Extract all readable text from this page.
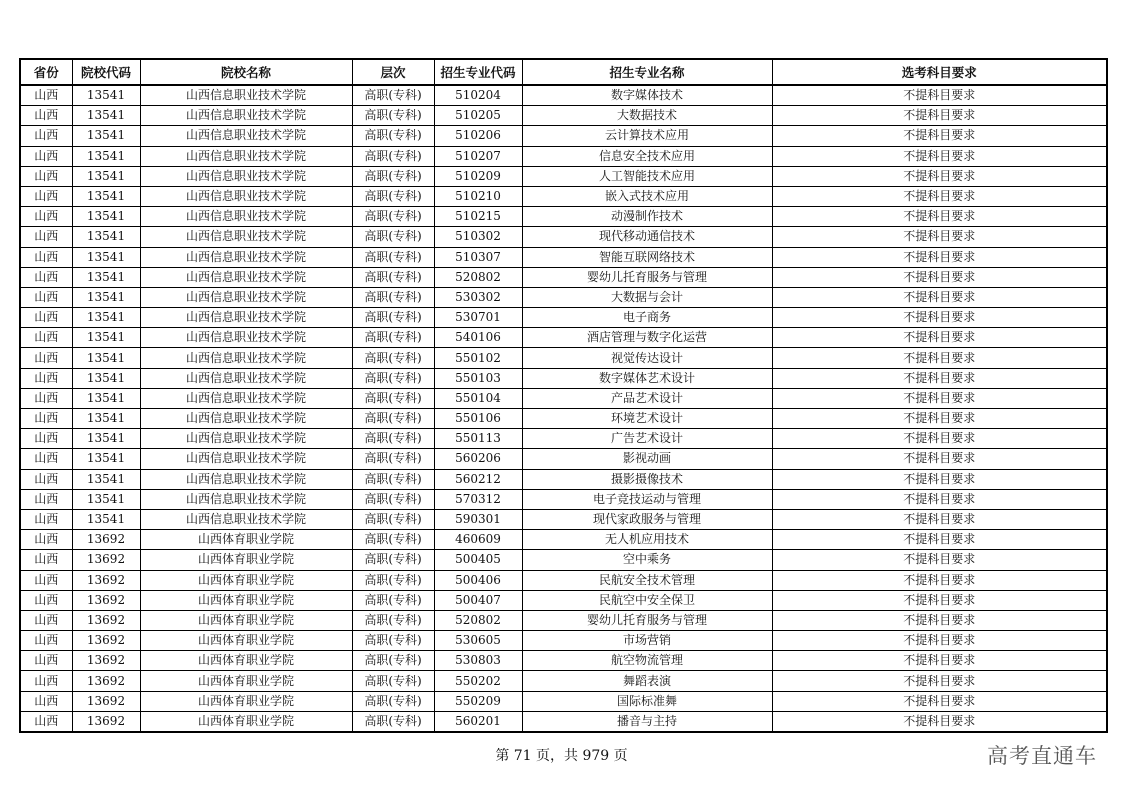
省份	院校代码	院校名称	层次	招生专业代码	招生专业名称	选考科目要求
山西	13541	山西信息职业技术学院	高职(专科)	510204	数字媒体技术	不提科目要求
山西	13541	山西信息职业技术学院	高职(专科)	510205	大数据技术	不提科目要求
山西	13541	山西信息职业技术学院	高职(专科)	510206	云计算技术应用	不提科目要求
山西	13541	山西信息职业技术学院	高职(专科)	510207	信息安全技术应用	不提科目要求
山西	13541	山西信息职业技术学院	高职(专科)	510209	人工智能技术应用	不提科目要求
山西	13541	山西信息职业技术学院	高职(专科)	510210	嵌入式技术应用	不提科目要求
山西	13541	山西信息职业技术学院	高职(专科)	510215	动漫制作技术	不提科目要求
山西	13541	山西信息职业技术学院	高职(专科)	510302	现代移动通信技术	不提科目要求
山西	13541	山西信息职业技术学院	高职(专科)	510307	智能互联网络技术	不提科目要求
山西	13541	山西信息职业技术学院	高职(专科)	520802	婴幼儿托育服务与管理	不提科目要求
山西	13541	山西信息职业技术学院	高职(专科)	530302	大数据与会计	不提科目要求
山西	13541	山西信息职业技术学院	高职(专科)	530701	电子商务	不提科目要求
山西	13541	山西信息职业技术学院	高职(专科)	540106	酒店管理与数字化运营	不提科目要求
山西	13541	山西信息职业技术学院	高职(专科)	550102	视觉传达设计	不提科目要求
山西	13541	山西信息职业技术学院	高职(专科)	550103	数字媒体艺术设计	不提科目要求
山西	13541	山西信息职业技术学院	高职(专科)	550104	产品艺术设计	不提科目要求
山西	13541	山西信息职业技术学院	高职(专科)	550106	环境艺术设计	不提科目要求
山西	13541	山西信息职业技术学院	高职(专科)	550113	广告艺术设计	不提科目要求
山西	13541	山西信息职业技术学院	高职(专科)	560206	影视动画	不提科目要求
山西	13541	山西信息职业技术学院	高职(专科)	560212	摄影摄像技术	不提科目要求
山西	13541	山西信息职业技术学院	高职(专科)	570312	电子竞技运动与管理	不提科目要求
山西	13541	山西信息职业技术学院	高职(专科)	590301	现代家政服务与管理	不提科目要求
山西	13692	山西体育职业学院	高职(专科)	460609	无人机应用技术	不提科目要求
山西	13692	山西体育职业学院	高职(专科)	500405	空中乘务	不提科目要求
山西	13692	山西体育职业学院	高职(专科)	500406	民航安全技术管理	不提科目要求
山西	13692	山西体育职业学院	高职(专科)	500407	民航空中安全保卫	不提科目要求
山西	13692	山西体育职业学院	高职(专科)	520802	婴幼儿托育服务与管理	不提科目要求
山西	13692	山西体育职业学院	高职(专科)	530605	市场营销	不提科目要求
山西	13692	山西体育职业学院	高职(专科)	530803	航空物流管理	不提科目要求
山西	13692	山西体育职业学院	高职(专科)	550202	舞蹈表演	不提科目要求
山西	13692	山西体育职业学院	高职(专科)	550209	国际标准舞	不提科目要求
山西	13692	山西体育职业学院	高职(专科)	560201	播音与主持	不提科目要求
第 71 页，共 979 页	高考直通车
